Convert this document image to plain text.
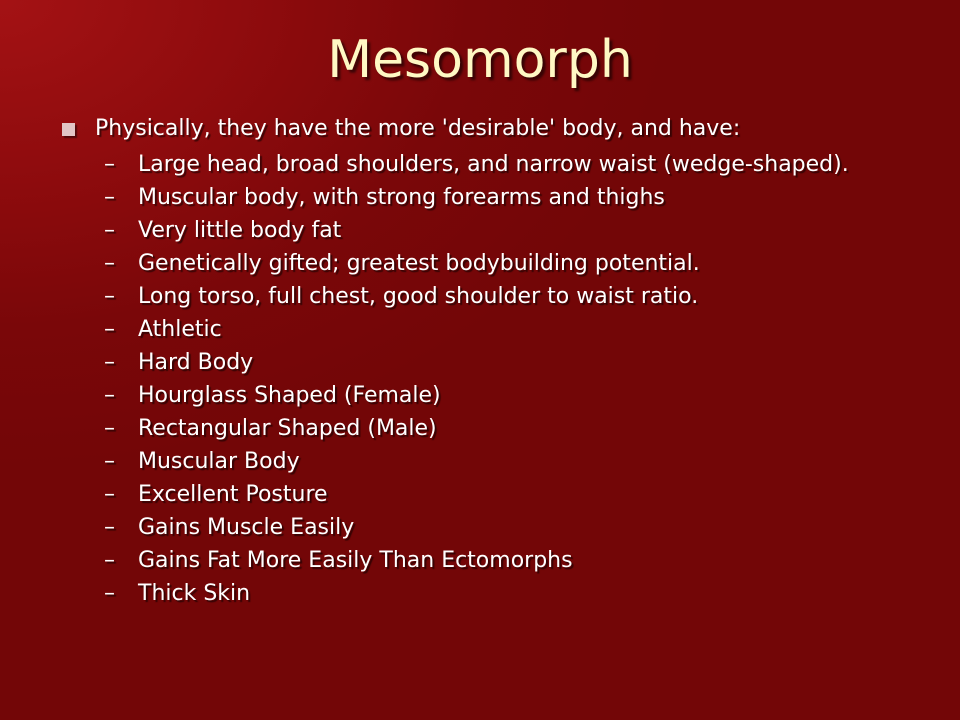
Mesomorph
Physically, they have the more 'desirable' body, and have:
– Large head, broad shoulders, and narrow waist (wedge-shaped).
– Muscular body, with strong forearms and thighs
– Very little body fat
– Genetically gifted; greatest bodybuilding potential.
– Long torso, full chest, good shoulder to waist ratio.
– Athletic
– Hard Body
– Hourglass Shaped (Female)
– Rectangular Shaped (Male)
– Muscular Body
– Excellent Posture
– Gains Muscle Easily
– Gains Fat More Easily Than Ectomorphs
– Thick Skin
